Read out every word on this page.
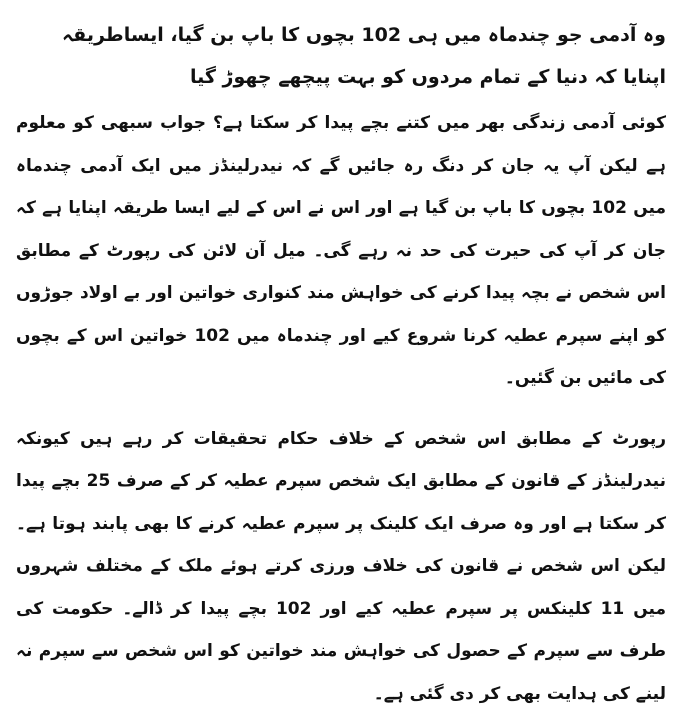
وہ آدمی جو چندماہ میں ہی 102 بچوں کا باپ بن گیا، ایساطریقہ اپنایا کہ دنیا کے تمام مردوں کو بہت پیچھے چھوڑ گیا

کوئی آدمی زندگی بھر میں کتنے بچے پیدا کر سکتا ہے؟ جواب سبھی کو معلوم ہے لیکن آپ یہ جان کر دنگ رہ جائیں گے کہ نیدرلینڈز میں ایک آدمی چندماہ میں 102 بچوں کا باپ بن گیا ہے اور اس نے اس کے لیے ایسا طریقہ اپنایا ہے کہ جان کر آپ کی حیرت کی حد نہ رہے گی۔ میل آن لائن کی رپورٹ کے مطابق اس شخص نے بچہ پیدا کرنے کی خواہش مند کنواری خواتین اور بے اولاد جوڑوں کو اپنے سپرم عطیہ کرنا شروع کیے اور چندماہ میں 102 خواتین اس کے بچوں کی مائیں بن گئیں۔

رپورٹ کے مطابق اس شخص کے خلاف حکام تحقیقات کر رہے ہیں کیونکہ نیدرلینڈز کے قانون کے مطابق ایک شخص سپرم عطیہ کر کے صرف 25 بچے پیدا کر سکتا ہے اور وہ صرف ایک کلینک پر سپرم عطیہ کرنے کا بھی پابند ہوتا ہے۔ لیکن اس شخص نے قانون کی خلاف ورزی کرتے ہوئے ملک کے مختلف شہروں میں 11 کلینکس پر سپرم عطیہ کیے اور 102 بچے پیدا کر ڈالے۔ حکومت کی طرف سے سپرم کے حصول کی خواہش مند خواتین کو اس شخص سے سپرم نہ لینے کی ہدایت بھی کر دی گئی ہے۔
